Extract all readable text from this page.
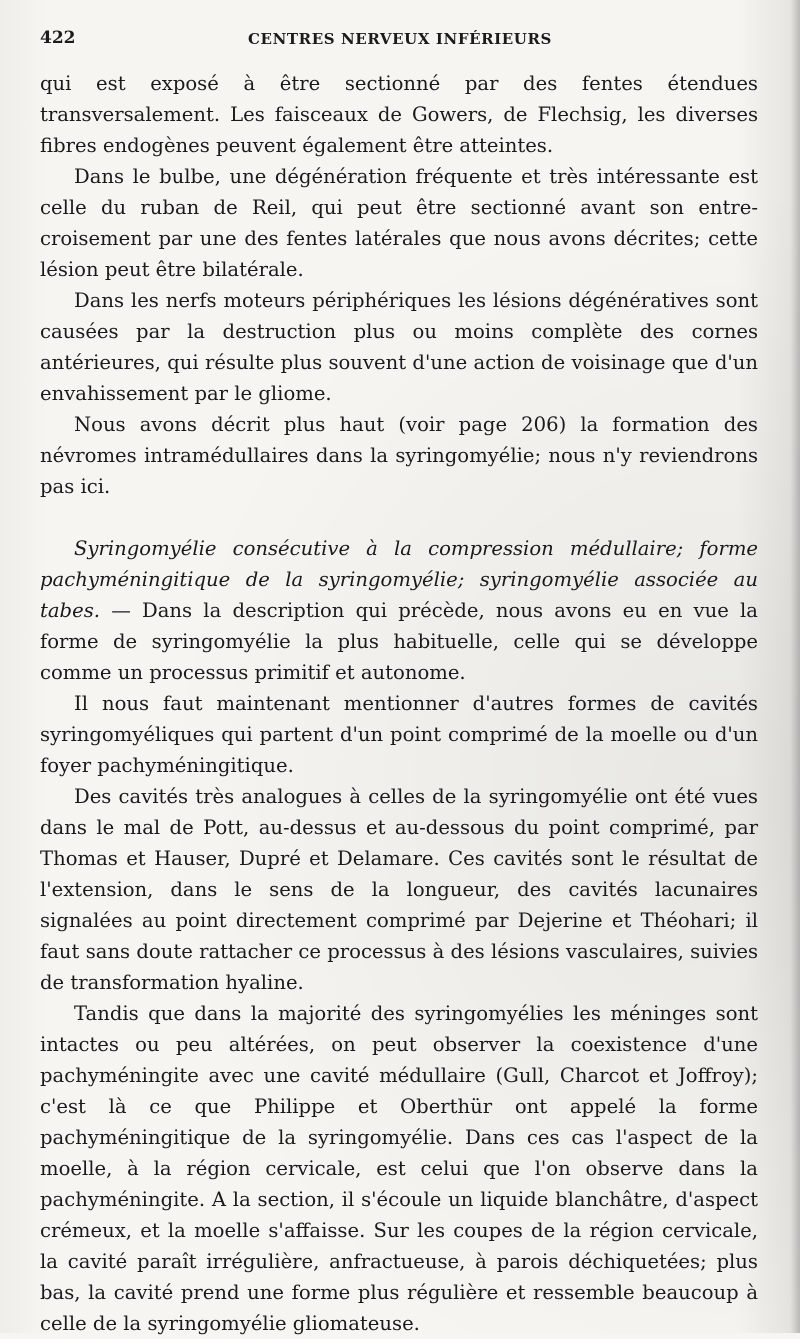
422	CENTRES NERVEUX INFÉRIEURS

qui est exposé à être sectionné par des fentes étendues transversalement. Les faisceaux de Gowers, de Flechsig, les diverses fibres endogènes peuvent également être atteintes.

Dans le bulbe, une dégénération fréquente et très intéressante est celle du ruban de Reil, qui peut être sectionné avant son entre-croisement par une des fentes latérales que nous avons décrites; cette lésion peut être bilatérale.

Dans les nerfs moteurs périphériques les lésions dégénératives sont causées par la destruction plus ou moins complète des cornes antérieures, qui résulte plus souvent d'une action de voisinage que d'un envahissement par le gliome.

Nous avons décrit plus haut (voir page 206) la formation des névromes intramédullaires dans la syringomyélie; nous n'y reviendrons pas ici.

Syringomyélie consécutive à la compression médullaire; forme pachyméningitique de la syringomyélie; syringomyélie associée au tabes. — Dans la description qui précède, nous avons eu en vue la forme de syringomyélie la plus habituelle, celle qui se développe comme un processus primitif et autonome.

Il nous faut maintenant mentionner d'autres formes de cavités syringomyéliques qui partent d'un point comprimé de la moelle ou d'un foyer pachyméningitique.

Des cavités très analogues à celles de la syringomyélie ont été vues dans le mal de Pott, au-dessus et au-dessous du point comprimé, par Thomas et Hauser, Dupré et Delamare. Ces cavités sont le résultat de l'extension, dans le sens de la longueur, des cavités lacunaires signalées au point directement comprimé par Dejerine et Théohari; il faut sans doute rattacher ce processus à des lésions vasculaires, suivies de transformation hyaline.

Tandis que dans la majorité des syringomyélies les méninges sont intactes ou peu altérées, on peut observer la coexistence d'une pachyméningite avec une cavité médullaire (Gull, Charcot et Joffroy); c'est là ce que Philippe et Oberthür ont appelé la forme pachyméningitique de la syringomyélie. Dans ces cas l'aspect de la moelle, à la région cervicale, est celui que l'on observe dans la pachyméningite. A la section, il s'écoule un liquide blanchâtre, d'aspect crémeux, et la moelle s'affaisse. Sur les coupes de la région cervicale, la cavité paraît irrégulière, anfractueuse, à parois déchiquetées; plus bas, la cavité prend une forme plus régulière et ressemble beaucoup à celle de la syringomyélie gliomateuse.
